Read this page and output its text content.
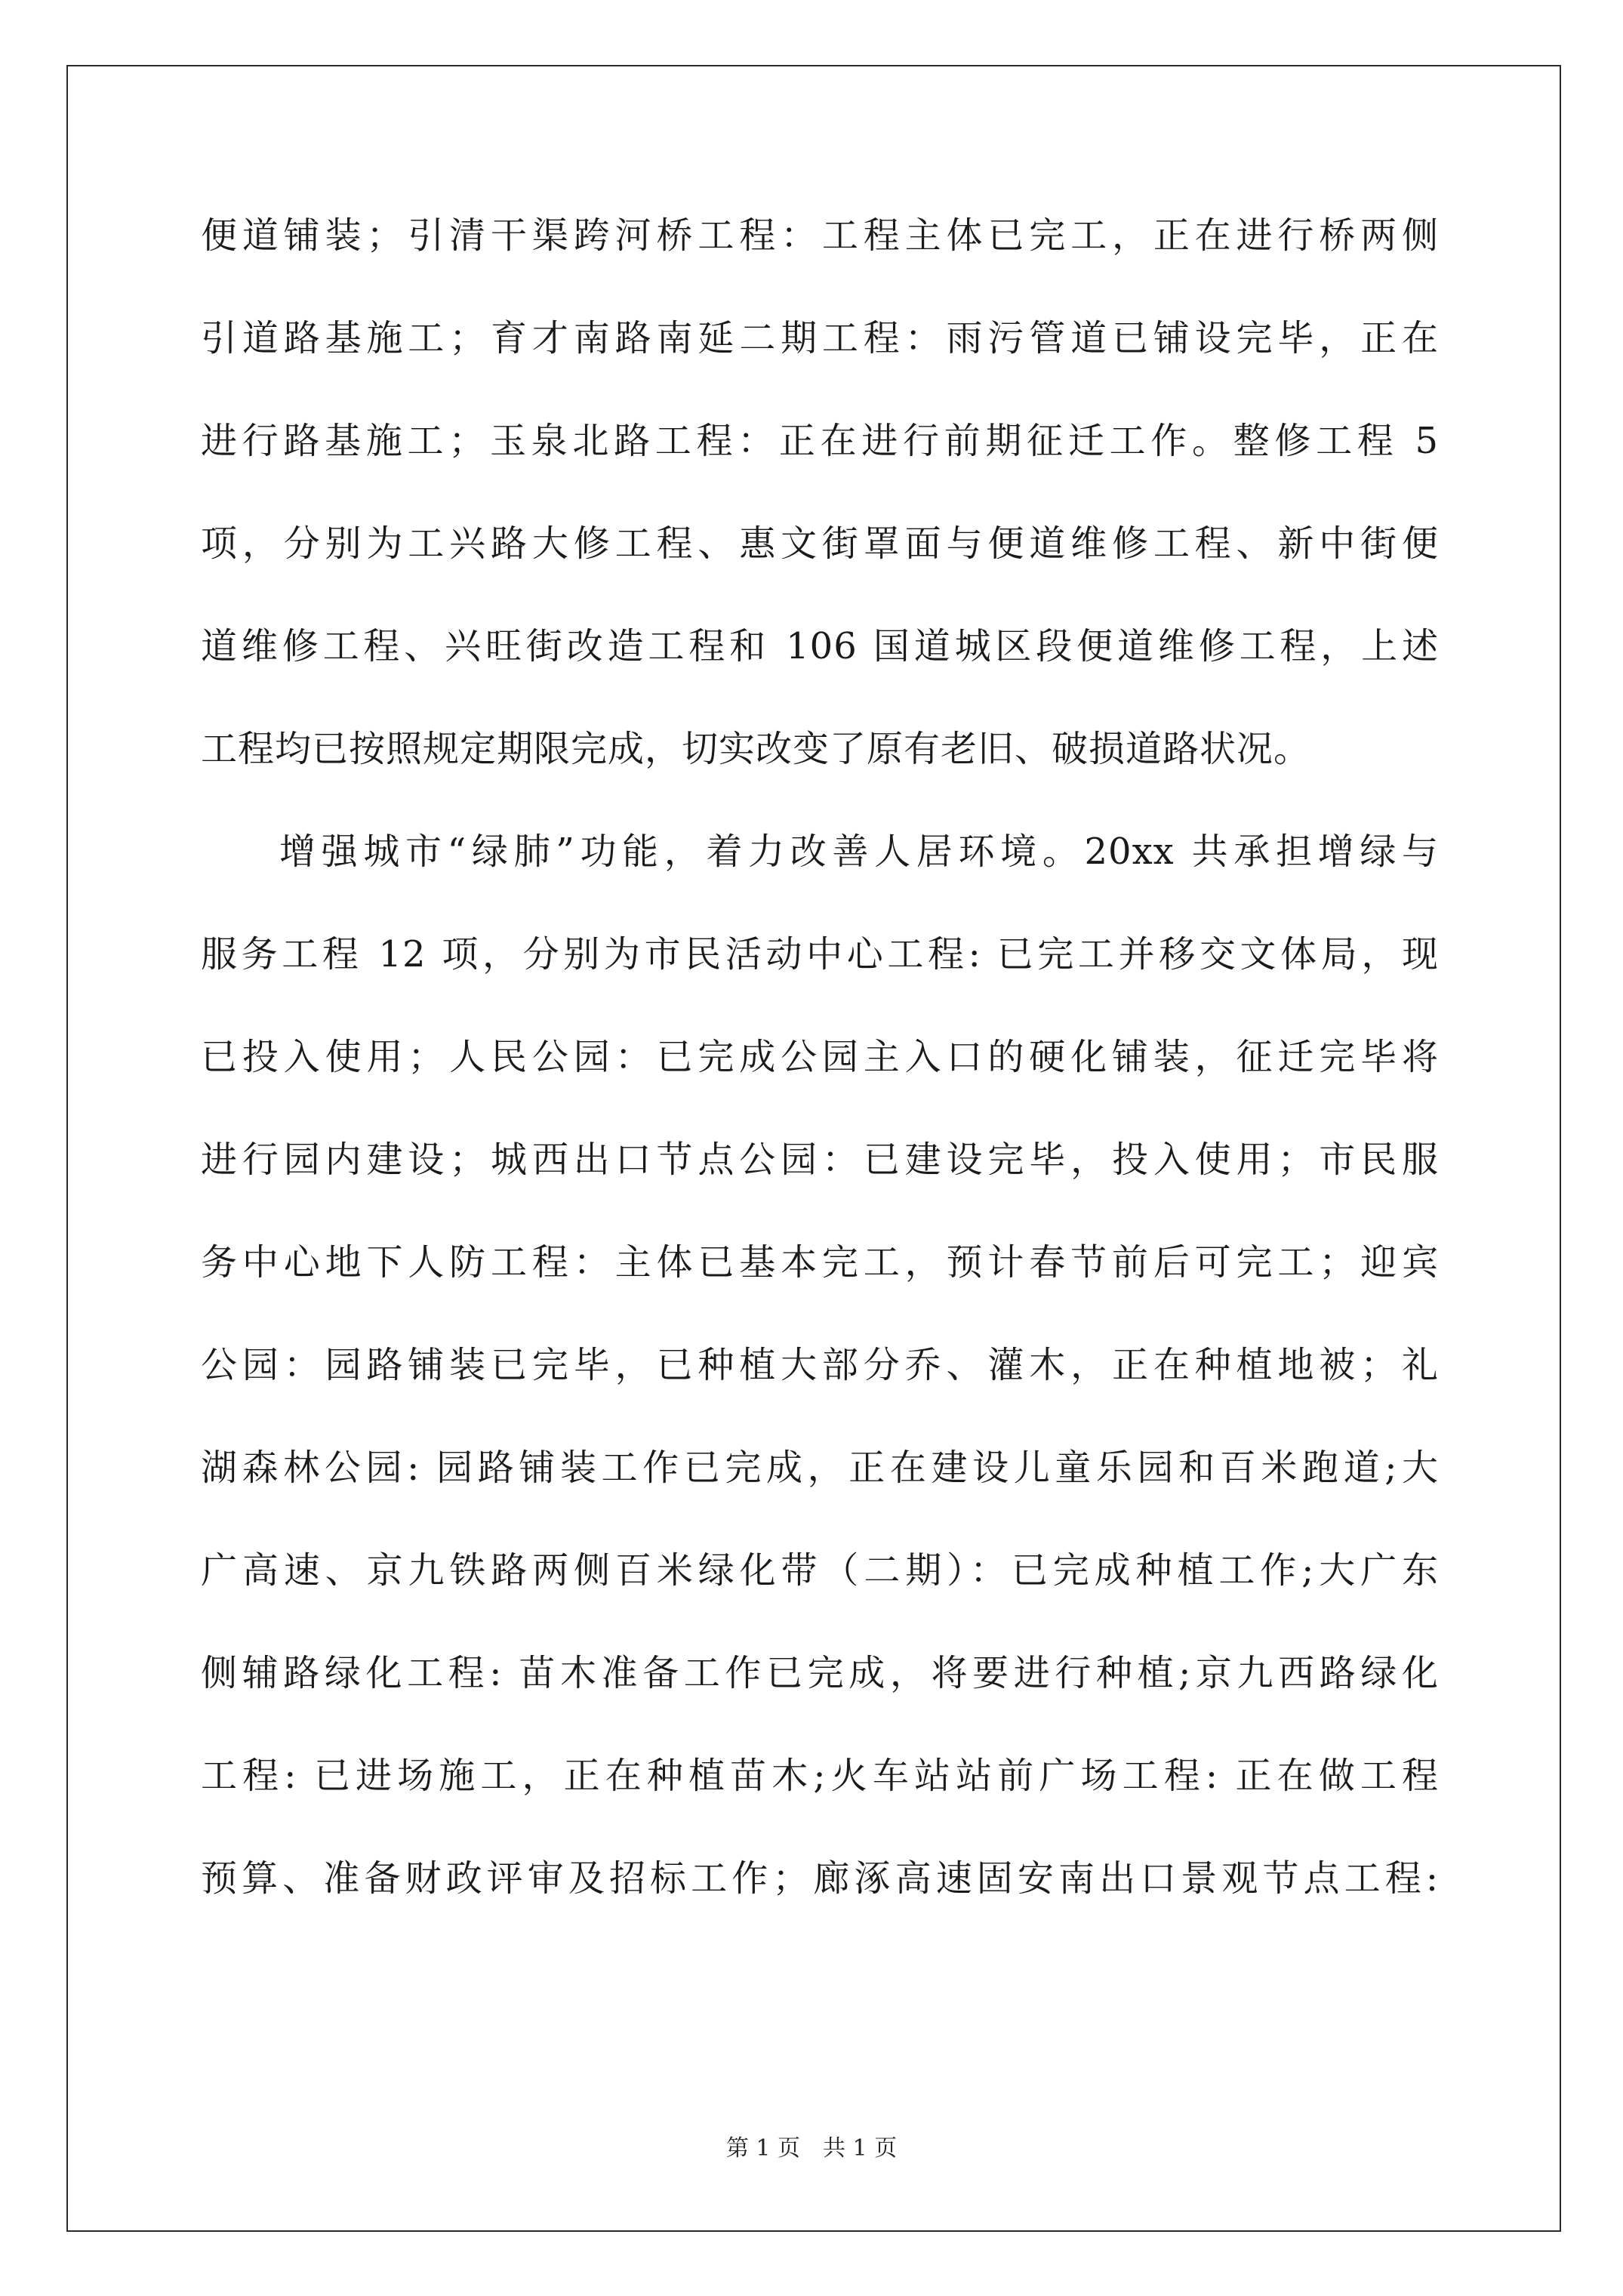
便道铺装；引清干渠跨河桥工程：工程主体已完工，正在进行桥两侧
引道路基施工；育才南路南延二期工程：雨污管道已铺设完毕，正在
进行路基施工；玉泉北路工程：正在进行前期征迁工作。整修工程 5
项，分别为工兴路大修工程、惠文街罩面与便道维修工程、新中街便
道维修工程、兴旺街改造工程和 106 国道城区段便道维修工程，上述
工程均已按照规定期限完成，切实改变了原有老旧、破损道路状况。
增强城市“绿肺”功能，着力改善人居环境。20xx 共承担增绿与
服务工程 12 项，分别为市民活动中心工程: 已完工并移交文体局，现
已投入使用；人民公园：已完成公园主入口的硬化铺装，征迁完毕将
进行园内建设；城西出口节点公园：已建设完毕，投入使用；市民服
务中心地下人防工程：主体已基本完工，预计春节前后可完工；迎宾
公园：园路铺装已完毕，已种植大部分乔、灌木，正在种植地被；礼
湖森林公园: 园路铺装工作已完成，正在建设儿童乐园和百米跑道;大
广高速、京九铁路两侧百米绿化带（二期）：已完成种植工作;大广东
侧辅路绿化工程: 苗木准备工作已完成，将要进行种植;京九西路绿化
工程: 已进场施工，正在种植苗木;火车站站前广场工程: 正在做工程
预算、准备财政评审及招标工作；廊涿高速固安南出口景观节点工程:
第 1 页　共 1 页
